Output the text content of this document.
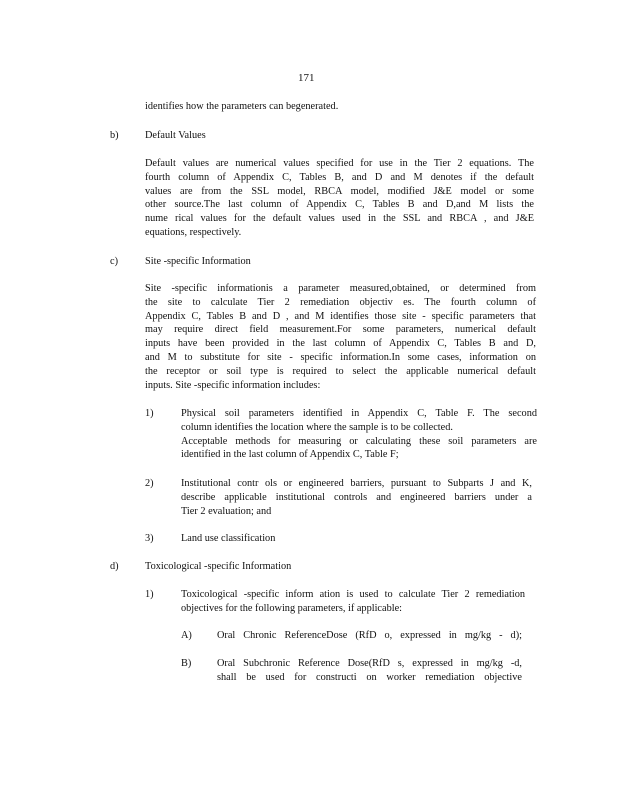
171
identifies how the parameters can begenerated.
b)	Default Values
Default values are numerical values specified for use in the Tier 2 equations. The
fourth column of Appendix C, Tables B, and D and M denotes if the default
values are from the SSL model, RBCA model, modified J&E model or some
other source.The last column of Appendix C, Tables B and D,and M lists the
nume rical values for the default values used in the SSL and RBCA , and J&E
equations, respectively.
c)	Site -specific Information
Site -specific informationis a parameter measured,obtained, or determined from
the site to calculate Tier 2 remediation objectiv es. The fourth column of
Appendix C, Tables B and D , and M identifies those site - specific parameters that
may require direct field measurement.For some parameters, numerical default
inputs have been provided in the last column of Appendix C, Tables B and D,
and M to substitute for site - specific information.In some cases, information on
the receptor or soil type is required to select the applicable numerical default
inputs. Site -specific information includes:
1)	Physical soil parameters identified in Appendix C, Table F. The second
column identifies the location where the sample is to be collected.
Acceptable methods for measuring or calculating these soil parameters are
identified in the last column of Appendix C, Table F;
2)	Institutional contr ols or engineered barriers, pursuant to Subparts J and K,
describe applicable institutional controls and engineered barriers under a
Tier 2 evaluation; and
3)	Land use classification
d)	Toxicological -specific Information
1)	Toxicological -specific inform ation is used to calculate Tier 2 remediation
objectives for the following parameters, if applicable:
A) Oral Chronic ReferenceDose (RfD o, expressed in mg/kg - d);
B) Oral Subchronic Reference Dose(RfD s, expressed in mg/kg -d,
shall be used for constructi on worker remediation objective
